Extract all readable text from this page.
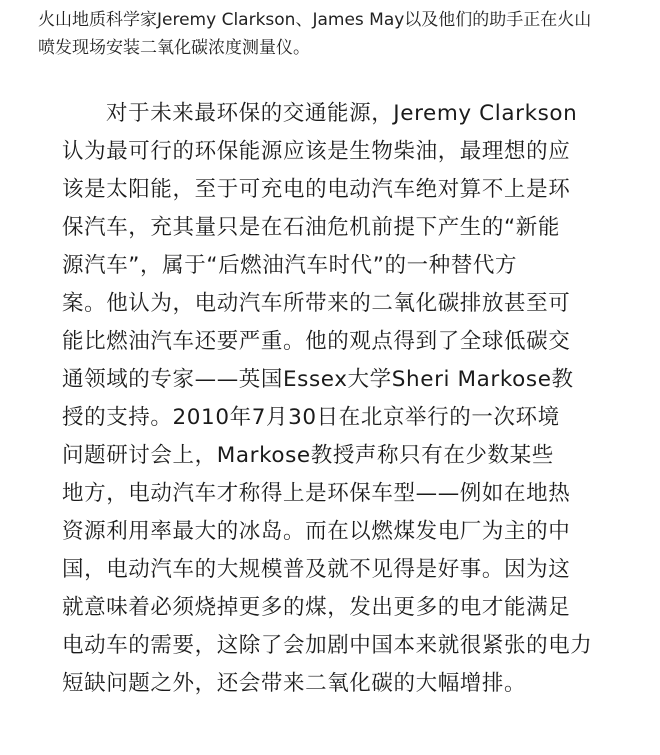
火山地质科学家Jeremy Clarkson、James May以及他们的助手正在火山
喷发现场安装二氧化碳浓度测量仪。
对于未来最环保的交通能源，Jeremy Clarkson
认为最可行的环保能源应该是生物柴油，最理想的应
该是太阳能，至于可充电的电动汽车绝对算不上是环
保汽车，充其量只是在石油危机前提下产生的“新能
源汽车”，属于“后燃油汽车时代”的一种替代方
案。他认为，电动汽车所带来的二氧化碳排放甚至可
能比燃油汽车还要严重。他的观点得到了全球低碳交
通领域的专家——英国Essex大学Sheri Markose教
授的支持。2010年7月30日在北京举行的一次环境
问题研讨会上，Markose教授声称只有在少数某些
地方，电动汽车才称得上是环保车型——例如在地热
资源利用率最大的冰岛。而在以燃煤发电厂为主的中
国，电动汽车的大规模普及就不见得是好事。因为这
就意味着必须烧掉更多的煤，发出更多的电才能满足
电动车的需要，这除了会加剧中国本来就很紧张的电力
短缺问题之外，还会带来二氧化碳的大幅增排。
